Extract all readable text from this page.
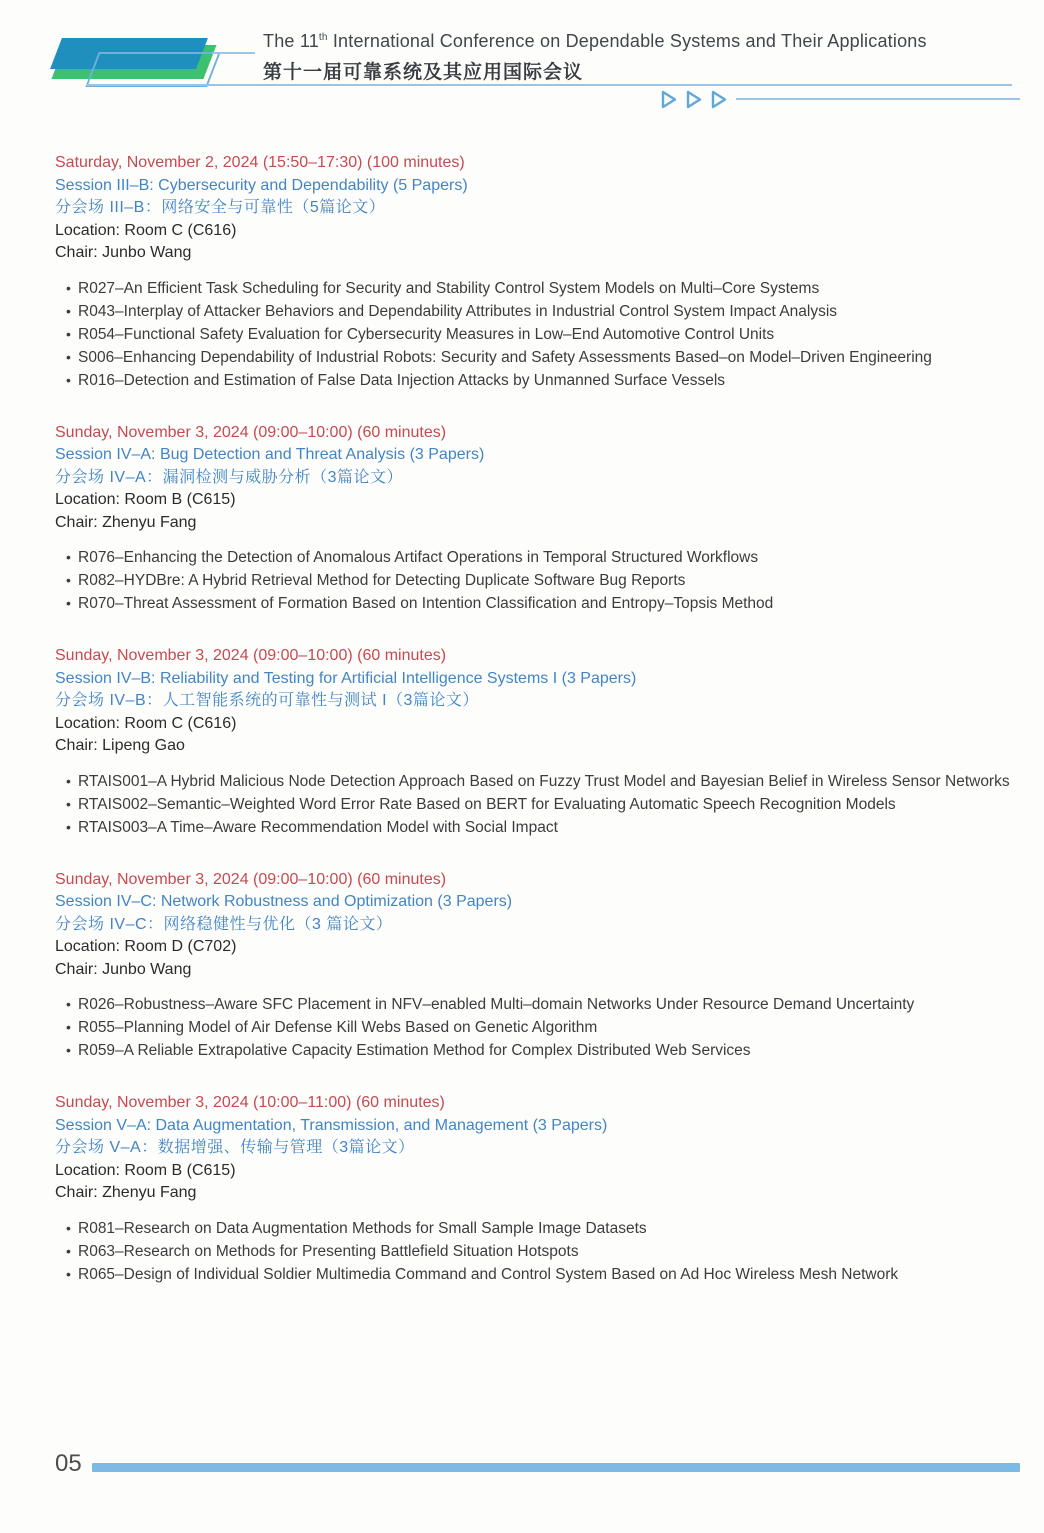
The 11th International Conference on Dependable Systems and Their Applications
第十一届可靠系统及其应用国际会议
Saturday, November 2, 2024 (15:50–17:30) (100 minutes)
Session III–B: Cybersecurity and Dependability (5 Papers)
分会场 III–B：网络安全与可靠性（5篇论文）
Location: Room C (C616)
Chair: Junbo Wang
• R027–An Efficient Task Scheduling for Security and Stability Control System Models on Multi–Core Systems
• R043–Interplay of Attacker Behaviors and Dependability Attributes in Industrial Control System Impact Analysis
• R054–Functional Safety Evaluation for Cybersecurity Measures in Low–End Automotive Control Units
• S006–Enhancing Dependability of Industrial Robots: Security and Safety Assessments Based–on Model–Driven Engineering
• R016–Detection and Estimation of False Data Injection Attacks by Unmanned Surface Vessels
Sunday, November 3, 2024 (09:00–10:00) (60 minutes)
Session IV–A: Bug Detection and Threat Analysis (3 Papers)
分会场 IV–A：漏洞检测与威胁分析（3篇论文）
Location: Room B (C615)
Chair: Zhenyu Fang
• R076–Enhancing the Detection of Anomalous Artifact Operations in Temporal Structured Workflows
• R082–HYDBre: A Hybrid Retrieval Method for Detecting Duplicate Software Bug Reports
• R070–Threat Assessment of Formation Based on Intention Classification and Entropy–Topsis Method
Sunday, November 3, 2024 (09:00–10:00) (60 minutes)
Session IV–B: Reliability and Testing for Artificial Intelligence Systems I (3 Papers)
分会场 IV–B：人工智能系统的可靠性与测试 I（3篇论文）
Location: Room C (C616)
Chair: Lipeng Gao
• RTAIS001–A Hybrid Malicious Node Detection Approach Based on Fuzzy Trust Model and Bayesian Belief in Wireless Sensor Networks
• RTAIS002–Semantic–Weighted Word Error Rate Based on BERT for Evaluating Automatic Speech Recognition Models
• RTAIS003–A Time–Aware Recommendation Model with Social Impact
Sunday, November 3, 2024 (09:00–10:00) (60 minutes)
Session IV–C: Network Robustness and Optimization (3 Papers)
分会场 IV–C：网络稳健性与优化（3 篇论文）
Location: Room D (C702)
Chair: Junbo Wang
• R026–Robustness–Aware SFC Placement in NFV–enabled Multi–domain Networks Under Resource Demand Uncertainty
• R055–Planning Model of Air Defense Kill Webs Based on Genetic Algorithm
• R059–A Reliable Extrapolative Capacity Estimation Method for Complex Distributed Web Services
Sunday, November 3, 2024 (10:00–11:00) (60 minutes)
Session V–A: Data Augmentation, Transmission, and Management (3 Papers)
分会场 V–A：数据增强、传输与管理（3篇论文）
Location: Room B (C615)
Chair: Zhenyu Fang
• R081–Research on Data Augmentation Methods for Small Sample Image Datasets
• R063–Research on Methods for Presenting Battlefield Situation Hotspots
• R065–Design of Individual Soldier Multimedia Command and Control System Based on Ad Hoc Wireless Mesh Network
05
